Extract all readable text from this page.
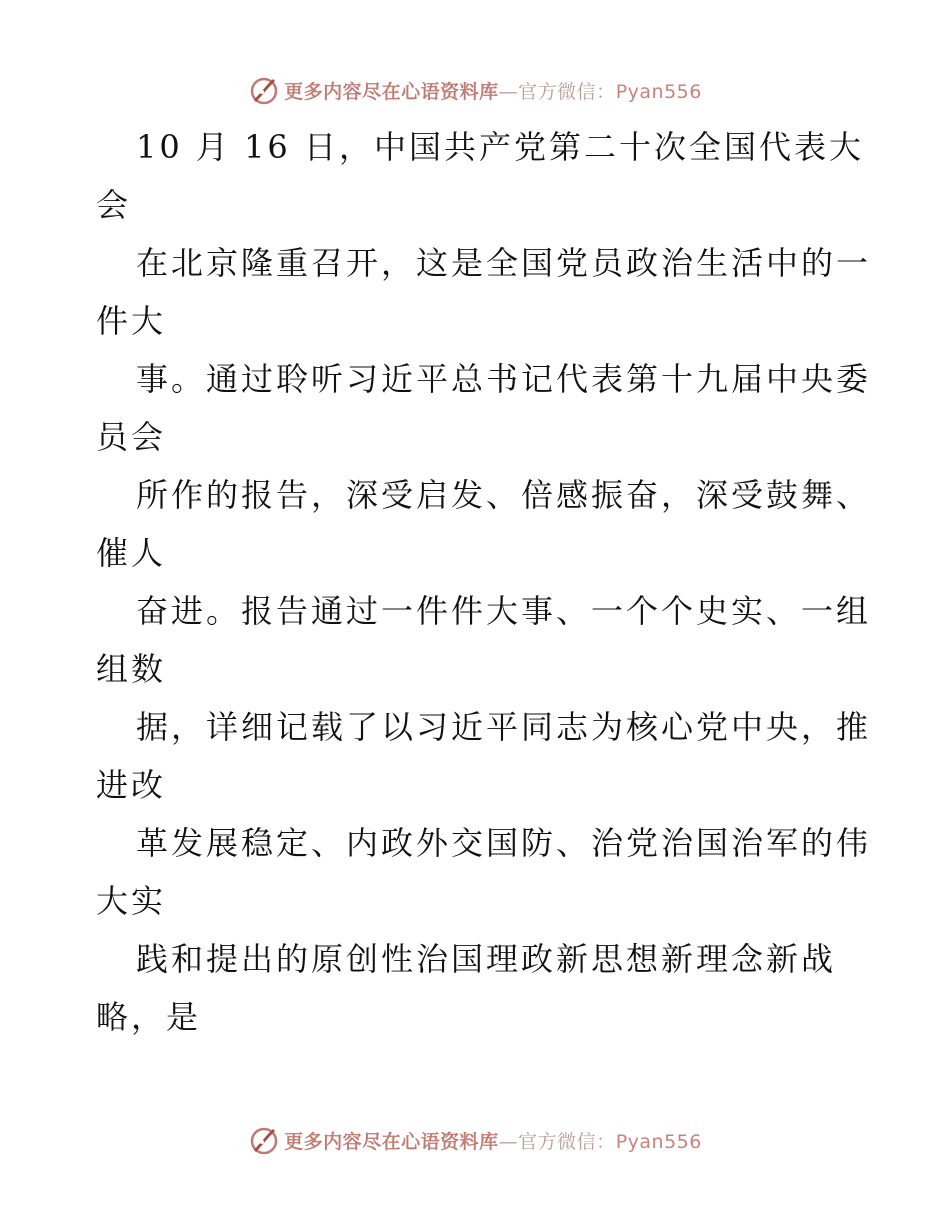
更多内容尽在心语资料库—官方微信：Pyan556
10 月 16 日，中国共产党第二十次全国代表大
会
在北京隆重召开，这是全国党员政治生活中的一
件大
事。通过聆听习近平总书记代表第十九届中央委
员会
所作的报告，深受启发、倍感振奋，深受鼓舞、
催人
奋进。报告通过一件件大事、一个个史实、一组
组数
据，详细记载了以习近平同志为核心党中央，推
进改
革发展稳定、内政外交国防、治党治国治军的伟
大实
践和提出的原创性治国理政新思想新理念新战
略，是
更多内容尽在心语资料库—官方微信：Pyan556
